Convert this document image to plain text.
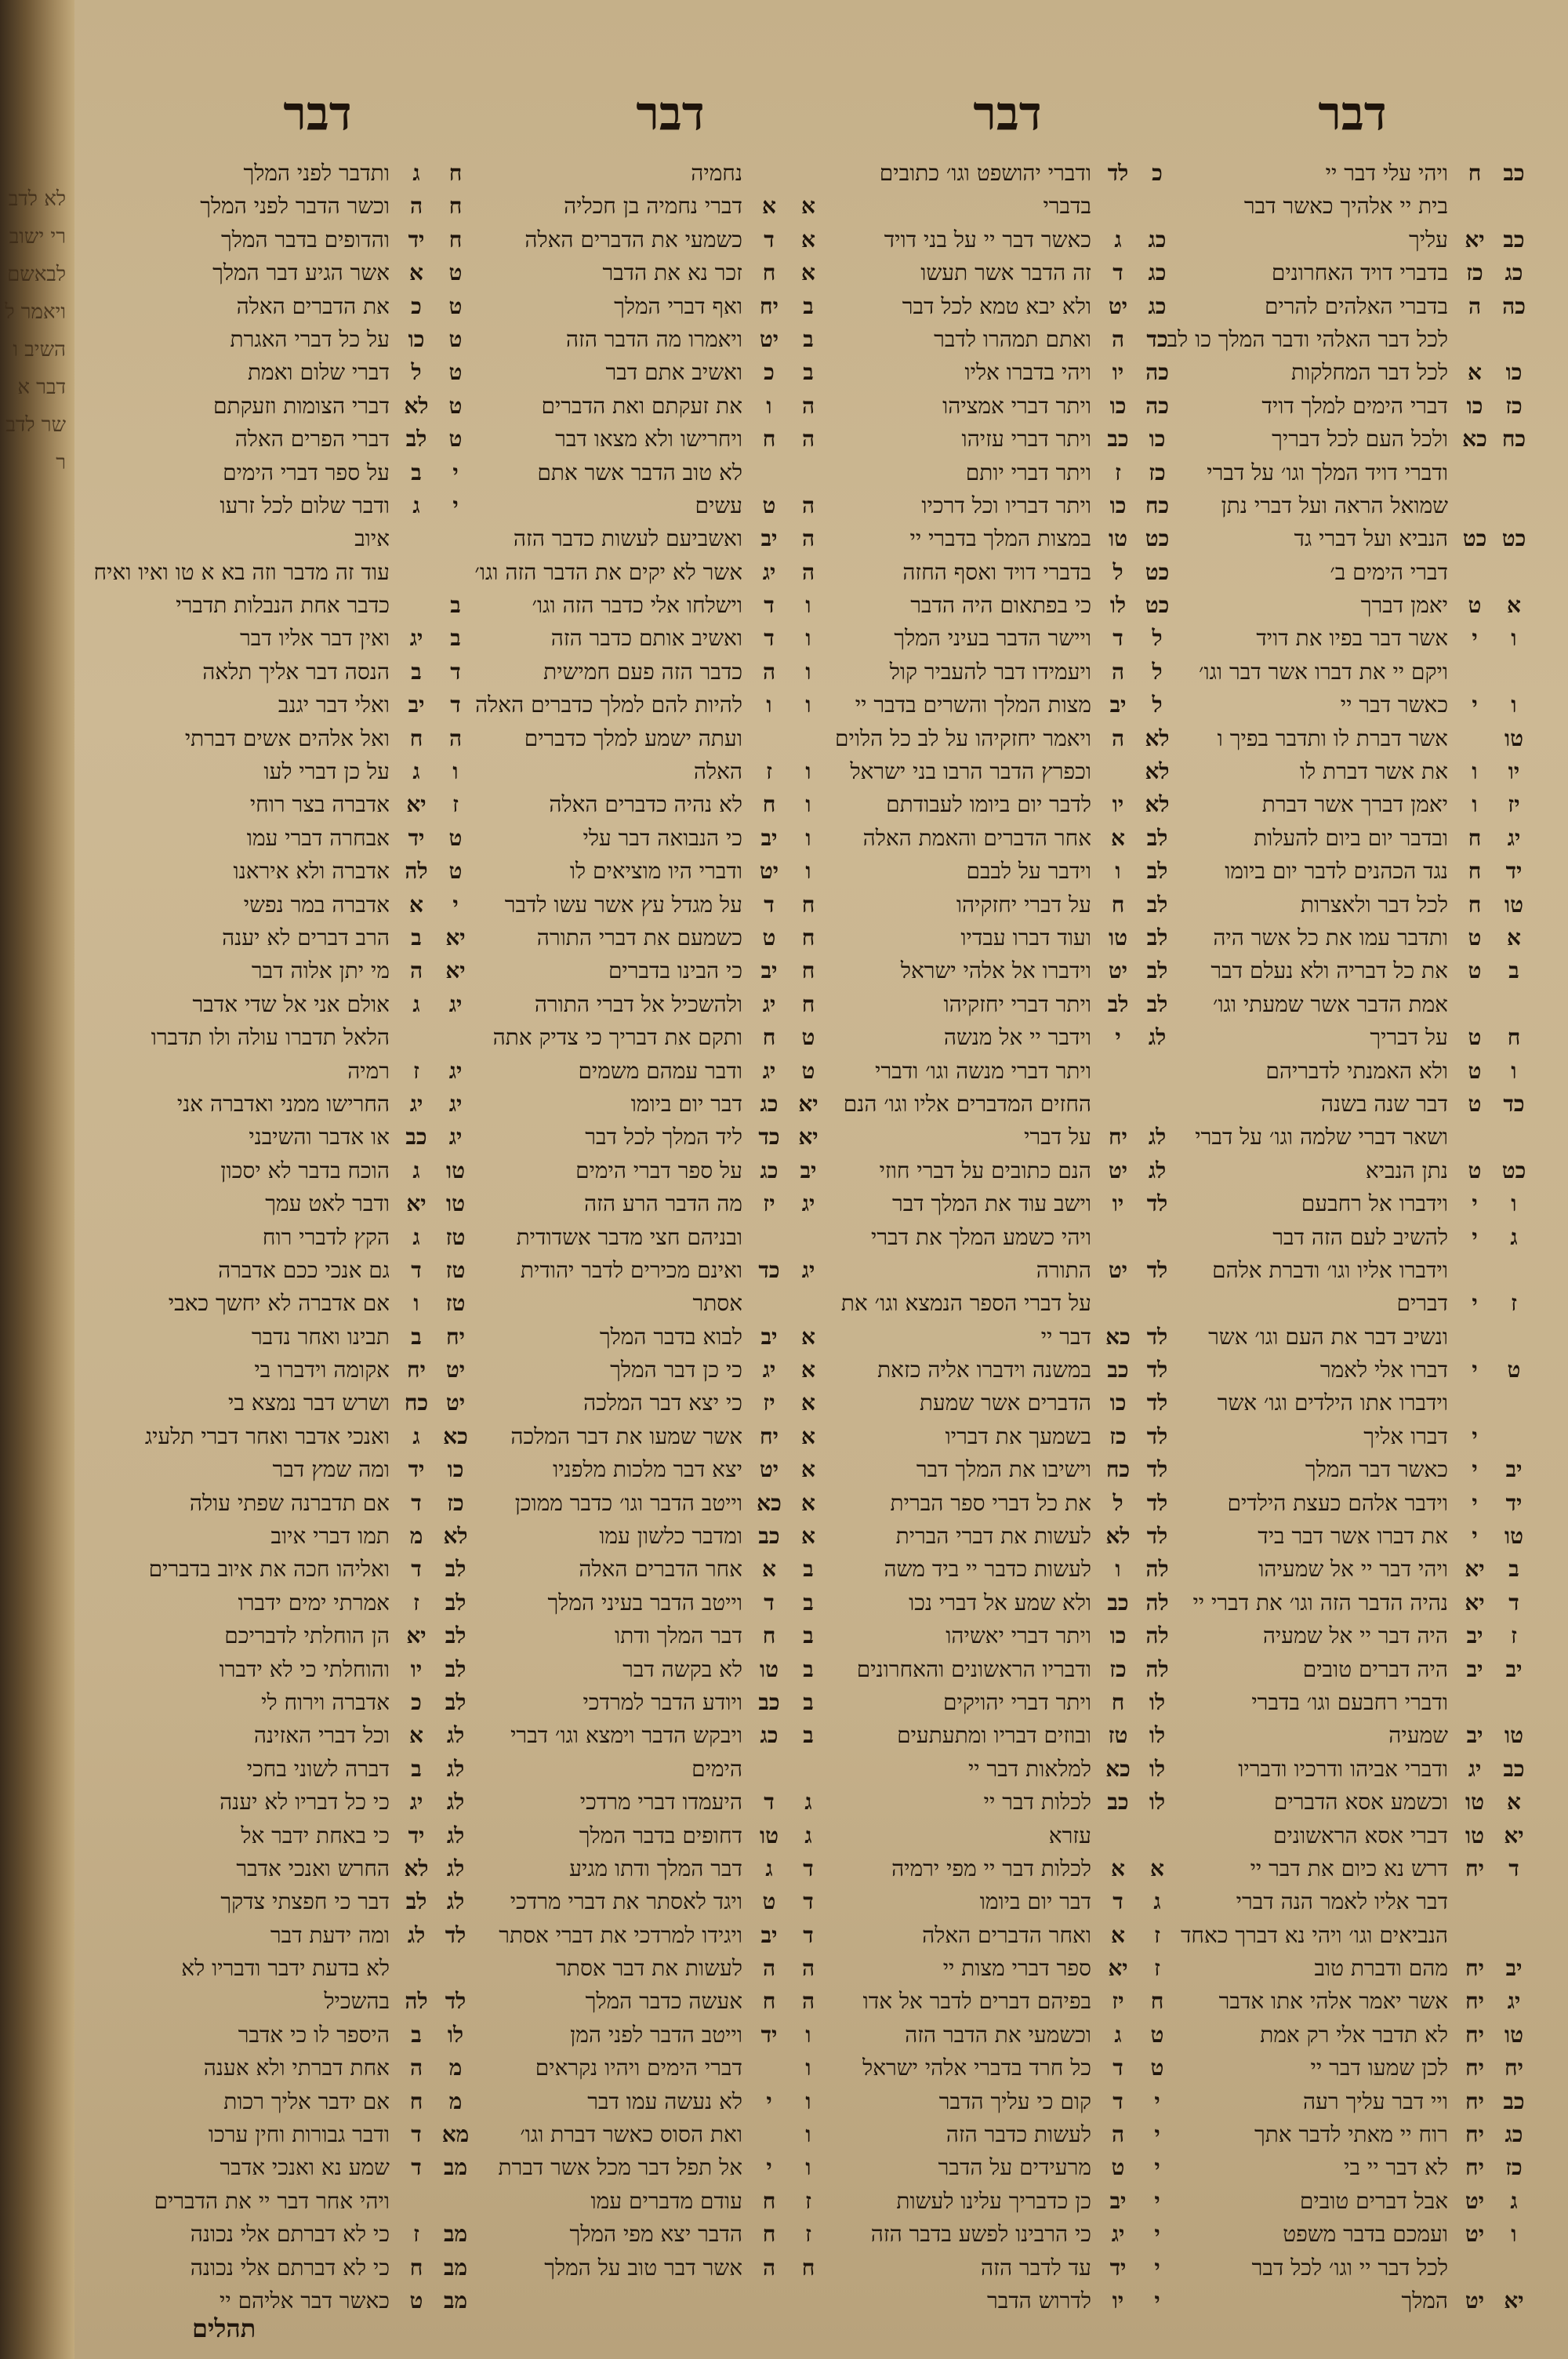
לא לדברי ישוב לבאשם ויאמר להשיב ודבר אשר לדבר
דבר
דבר
דבר
דבר
כב
ח
ויהי עלי דבר יי
בית יי אלהיך כאשר דבר
כב
יא
עליך
כג
כז
בדברי דויד האחרונים
כה
ה
בדברי האלהים להרים
לכל דבר האלהי ודבר המלך כו לב
כו
א
לכל דבר המחלקות
כז
כו
דברי הימים למלך דויד
כח
כא
ולכל העם לכל דבריך
ודברי דויד המלך וגו׳ על דברי
שמואל הראה ועל דברי נתן
כט
כט
הנביא ועל דברי גד
דברי הימים ב׳
א
ט
יאמן דברך
ו
י
אשר דבר בפיו את דויד
ויקם יי את דברו אשר דבר וגו׳
ו
י
כאשר דבר יי
טו
אשר דברת לו ותדבר בפיך ו
יו
ו
את אשר דברת לו
יז
ו
יאמן דברך אשר דברת
יג
ח
ובדבר יום ביום להעלות
יד
ח
נגד הכהנים לדבר יום ביומו
טו
ח
לכל דבר ולאצרות
א
ט
ותדבר עמו את כל אשר היה
ב
ט
את כל דבריה ולא נעלם דבר
אמת הדבר אשר שמעתי וגו׳
ח
ט
על דבריך
ו
ט
ולא האמנתי לדבריהם
כד
ט
דבר שנה בשנה
ושאר דברי שלמה וגו׳ על דברי
כט
ט
נתן הנביא
ו
י
וידברו אל רחבעם
ג
י
להשיב לעם הזה דבר
וידברו אליו וגו׳ ודברת אלהם
ז
י
דברים
ונשיב דבר את העם וגו׳ אשר
ט
י
דברו אלי לאמר
וידברו אתו הילדים וגו׳ אשר
י
דברו אליך
יב
י
כאשר דבר המלך
יד
י
וידבר אלהם כעצת הילדים
טו
י
את דברו אשר דבר ביד
ב
יא
ויהי דבר יי אל שמעיהו
ד
יא
נהיה הדבר הזה וגו׳ את דברי יי
ז
יב
היה דבר יי אל שמעיה
יב
יב
היה דברים טובים
ודברי רחבעם וגו׳ בדברי
טו
יב
שמעיה
כב
יג
ודברי אביהו ודרכיו ודבריו
א
טו
וכשמע אסא הדברים
יא
טו
דברי אסא הראשונים
ד
יח
דרש נא כיום את דבר יי
דבר אליו לאמר הנה דברי
הנביאים וגו׳ ויהי נא דברך כאחד
יב
יח
מהם ודברת טוב
יג
יח
אשר יאמר אלהי אתו אדבר
טו
יח
לא תדבר אלי רק אמת
יח
יח
לכן שמעו דבר יי
כב
יח
ויי דבר עליך רעה
כג
יח
רוח יי מאתי לדבר אתך
כז
יח
לא דבר יי בי
ג
יט
אבל דברים טובים
ו
יט
ועמכם בדבר משפט
לכל דבר יי וגו׳ לכל דבר
יא
יט
המלך
כ
לד
ודברי יהושפט וגו׳ כתובים
בדברי
כג
ג
כאשר דבר יי על בני דויד
כג
ד
זה הדבר אשר תעשו
כג
יט
ולא יבא טמא לכל דבר
כד
ה
ואתם תמהרו לדבר
כה
יו
ויהי בדברו אליו
כה
כו
ויתר דברי אמציהו
כו
כב
ויתר דברי עזיהו
כז
ז
ויתר דברי יותם
כח
כו
ויתר דבריו וכל דרכיו
כט
טו
במצות המלך בדברי יי
כט
ל
בדברי דויד ואסף החזה
כט
לו
כי בפתאום היה הדבר
ל
ד
ויישר הדבר בעיני המלך
ל
ה
ויעמידו דבר להעביר קול
ל
יב
מצות המלך והשרים בדבר יי
לא
ה
ויאמר יחזקיהו על לב כל הלוים
לא
וכפרץ הדבר הרבו בני ישראל
לא
יו
לדבר יום ביומו לעבודתם
לב
א
אחר הדברים והאמת האלה
לב
ו
וידבר על לבבם
לב
ח
על דברי יחזקיהו
לב
טו
ועוד דברו עבדיו
לב
יט
וידברו אל אלהי ישראל
לב
לב
ויתר דברי יחזקיהו
לג
י
וידבר יי אל מנשה
ויתר דברי מנשה וגו׳ ודברי
החזים המדברים אליו וגו׳ הנם
לג
יח
על דברי
לג
יט
הנם כתובים על דברי חוזי
לד
יו
וישב עוד את המלך דבר
ויהי כשמע המלך את דברי
לד
יט
התורה
על דברי הספר הנמצא וגו׳ את
לד
כא
דבר יי
לד
כב
במשנה וידברו אליה כזאת
לד
כו
הדברים אשר שמעת
לד
כז
בשמעך את דבריו
לד
כח
וישיבו את המלך דבר
לד
ל
את כל דברי ספר הברית
לד
לא
לעשות את דברי הברית
לה
ו
לעשות כדבר יי ביד משה
לה
כב
ולא שמע אל דברי נכו
לה
כו
ויתר דברי יאשיהו
לה
כז
ודבריו הראשונים והאחרונים
לו
ח
ויתר דברי יהויקים
לו
טז
ובוזים דבריו ומתעתעים
לו
כא
למלאות דבר יי
לו
כב
לכלות דבר יי
עזרא
א
א
לכלות דבר יי מפי ירמיה
ג
ד
דבר יום ביומו
ז
א
ואחר הדברים האלה
ז
יא
ספר דברי מצות יי
ח
יז
בפיהם דברים לדבר אל אדו
ט
ג
וכשמעי את הדבר הזה
ט
ד
כל חרד בדברי אלהי ישראל
י
ד
קום כי עליך הדבר
י
ה
לעשות כדבר הזה
י
ט
מרעידים על הדבר
י
יב
כן כדבריך עלינו לעשות
י
יג
כי הרבינו לפשע בדבר הזה
י
יד
עד לדבר הזה
י
יו
לדרוש הדבר
נחמיה
א
א
דברי נחמיה בן חכליה
א
ד
כשמעי את הדברים האלה
א
ח
זכר נא את הדבר
ב
יח
ואף דברי המלך
ב
יט
ויאמרו מה הדבר הזה
ב
כ
ואשיב אתם דבר
ה
ו
את זעקתם ואת הדברים
ה
ח
ויחרישו ולא מצאו דבר
לא טוב הדבר אשר אתם
ה
ט
עשים
ה
יב
ואשביעם לעשות כדבר הזה
ה
יג
אשר לא יקים את הדבר הזה וגו׳
ו
ד
וישלחו אלי כדבר הזה וגו׳
ו
ד
ואשיב אותם כדבר הזה
ו
ה
כדבר הזה פעם חמישית
ו
ו
להיות להם למלך כדברים האלה
ועתה ישמע למלך כדברים
ו
ז
האלה
ו
ח
לא נהיה כדברים האלה
ו
יב
כי הנבואה דבר עלי
ו
יט
ודברי היו מוציאים לו
ח
ד
על מגדל עץ אשר עשו לדבר
ח
ט
כשמעם את דברי התורה
ח
יב
כי הבינו בדברים
ח
יג
ולהשכיל אל דברי התורה
ט
ח
ותקם את דבריך כי צדיק אתה
ט
יג
ודבר עמהם משמים
יא
כג
דבר יום ביומו
יא
כד
ליד המלך לכל דבר
יב
כג
על ספר דברי הימים
יג
יז
מה הדבר הרע הזה
ובניהם חצי מדבר אשדודית
יג
כד
ואינם מכירים לדבר יהודית
אסתר
א
יב
לבוא בדבר המלך
א
יג
כי כן דבר המלך
א
יז
כי יצא דבר המלכה
א
יח
אשר שמעו את דבר המלכה
א
יט
יצא דבר מלכות מלפניו
א
כא
וייטב הדבר וגו׳ כדבר ממוכן
א
כב
ומדבר כלשון עמו
ב
א
אחר הדברים האלה
ב
ד
וייטב הדבר בעיני המלך
ב
ח
דבר המלך ודתו
ב
טו
לא בקשה דבר
ב
כב
ויודע הדבר למרדכי
ב
כג
ויבקש הדבר וימצא וגו׳ דברי
הימים
ג
ד
היעמדו דברי מרדכי
ג
טו
דחופים בדבר המלך
ד
ג
דבר המלך ודתו מגיע
ד
ט
ויגד לאסתר את דברי מרדכי
ד
יב
ויגידו למרדכי את דברי אסתר
ה
ה
לעשות את דבר אסתר
ה
ח
אעשה כדבר המלך
ו
יד
וייטב הדבר לפני המן
ו
דברי הימים ויהיו נקראים
ו
י
לא נעשה עמו דבר
ו
ואת הסוס כאשר דברת וגו׳
ו
י
אל תפל דבר מכל אשר דברת
ז
ח
עודם מדברים עמו
ז
ח
הדבר יצא מפי המלך
ח
ה
אשר דבר טוב על המלך
ח
ג
ותדבר לפני המלך
ח
ה
וכשר הדבר לפני המלך
ח
יד
והדופים בדבר המלך
ט
א
אשר הגיע דבר המלך
ט
כ
את הדברים האלה
ט
כו
על כל דברי האגרת
ט
ל
דברי שלום ואמת
ט
לא
דברי הצומות וזעקתם
ט
לב
דברי הפרים האלה
י
ב
על ספר דברי הימים
י
ג
ודבר שלום לכל זרעו
איוב
עוד זה מדבר וזה בא א טו ואיו ואיח
ב
כדבר אחת הנבלות תדברי
ב
יג
ואין דבר אליו דבר
ד
ב
הנסה דבר אליך תלאה
ד
יב
ואלי דבר יגנב
ה
ח
ואל אלהים אשים דברתי
ו
ג
על כן דברי לעו
ז
יא
אדברה בצר רוחי
ט
יד
אבחרה דברי עמו
ט
לה
אדברה ולא איראנו
י
א
אדברה במר נפשי
יא
ב
הרב דברים לא יענה
יא
ה
מי יתן אלוה דבר
יג
ג
אולם אני אל שדי אדבר
הלאל תדברו עולה ולו תדברו
יג
ז
רמיה
יג
יג
החרישו ממני ואדברה אני
יג
כב
או אדבר והשיבני
טו
ג
הוכח בדבר לא יסכון
טו
יא
ודבר לאט עמך
טז
ג
הקץ לדברי רוח
טז
ד
גם אנכי ככם אדברה
טז
ו
אם אדברה לא יחשך כאבי
יח
ב
תבינו ואחר נדבר
יט
יח
אקומה וידברו בי
יט
כח
ושרש דבר נמצא בי
כא
ג
ואנכי אדבר ואחר דברי תלעיג
כו
יד
ומה שמץ דבר
כז
ד
אם תדברנה שפתי עולה
לא
מ
תמו דברי איוב
לב
ד
ואליהו חכה את איוב בדברים
לב
ז
אמרתי ימים ידברו
לב
יא
הן הוחלתי לדבריכם
לב
יו
והוחלתי כי לא ידברו
לב
כ
אדברה וירוח לי
לג
א
וכל דברי האזינה
לג
ב
דברה לשוני בחכי
לג
יג
כי כל דבריו לא יענה
לג
יד
כי באחת ידבר אל
לג
לא
החרש ואנכי אדבר
לג
לב
דבר כי חפצתי צדקך
לד
לג
ומה ידעת דבר
לא בדעת ידבר ודבריו לא
לד
לה
בהשכיל
לו
ב
היספר לו כי אדבר
מ
ה
אחת דברתי ולא אענה
מ
ח
אם ידבר אליך רכות
מא
ד
ודבר גבורות וחין ערכו
מב
ד
שמע נא ואנכי אדבר
ויהי אחר דבר יי את הדברים
מב
ז
כי לא דברתם אלי נכונה
מב
ח
כי לא דברתם אלי נכונה
מב
ט
כאשר דבר אליהם יי
תהלים
